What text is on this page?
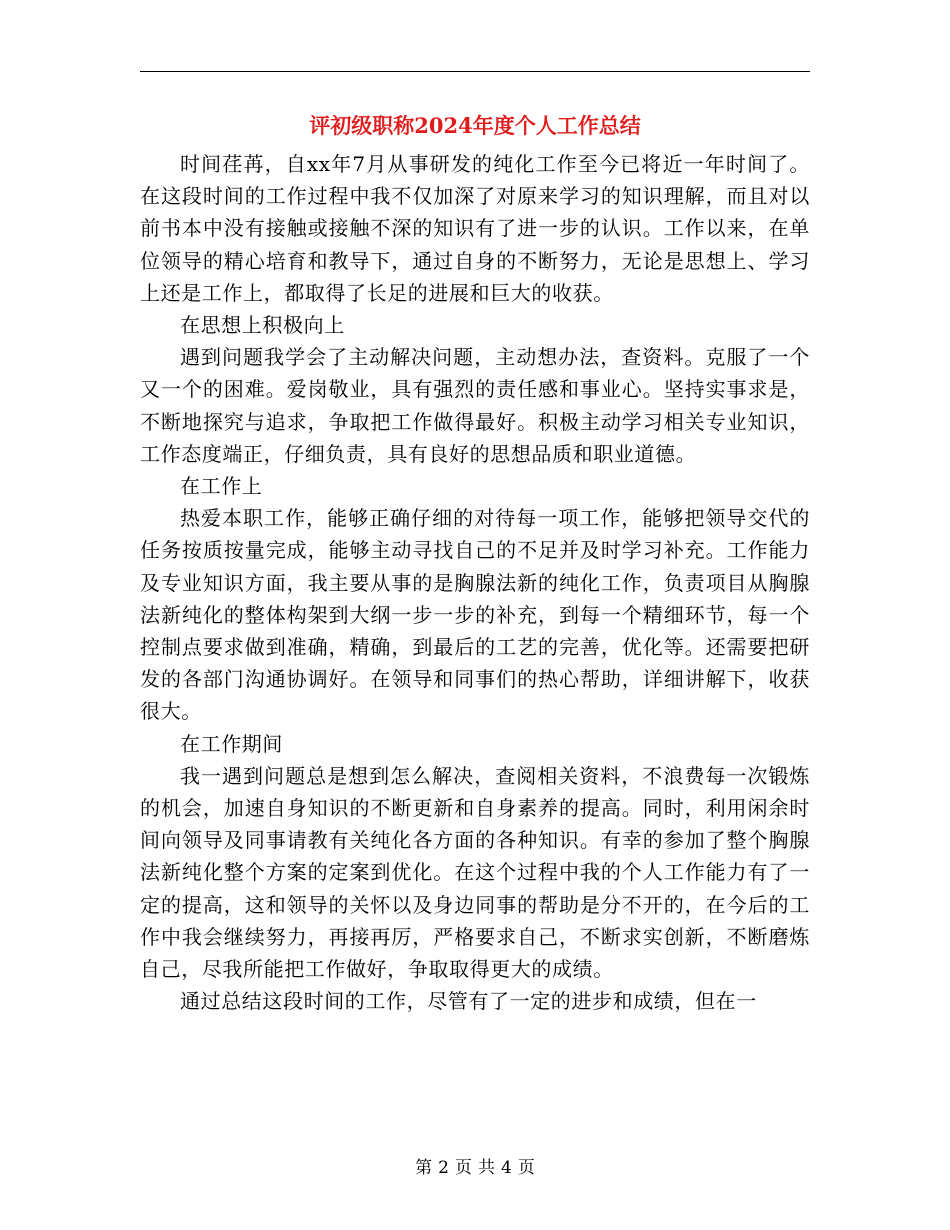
评初级职称2024年度个人工作总结

时间荏苒，自xx年7月从事研发的纯化工作至今已将近一年时间了。在这段时间的工作过程中我不仅加深了对原来学习的知识理解，而且对以前书本中没有接触或接触不深的知识有了进一步的认识。工作以来，在单位领导的精心培育和教导下，通过自身的不断努力，无论是思想上、学习上还是工作上，都取得了长足的进展和巨大的收获。

在思想上积极向上

遇到问题我学会了主动解决问题，主动想办法，查资料。克服了一个又一个的困难。爱岗敬业，具有强烈的责任感和事业心。坚持实事求是，不断地探究与追求，争取把工作做得最好。积极主动学习相关专业知识，工作态度端正，仔细负责，具有良好的思想品质和职业道德。

在工作上

热爱本职工作，能够正确仔细的对待每一项工作，能够把领导交代的任务按质按量完成，能够主动寻找自己的不足并及时学习补充。工作能力及专业知识方面，我主要从事的是胸腺法新的纯化工作，负责项目从胸腺法新纯化的整体构架到大纲一步一步的补充，到每一个精细环节，每一个控制点要求做到准确，精确，到最后的工艺的完善，优化等。还需要把研发的各部门沟通协调好。在领导和同事们的热心帮助，详细讲解下，收获很大。

在工作期间

我一遇到问题总是想到怎么解决，查阅相关资料，不浪费每一次锻炼的机会，加速自身知识的不断更新和自身素养的提高。同时，利用闲余时间向领导及同事请教有关纯化各方面的各种知识。有幸的参加了整个胸腺法新纯化整个方案的定案到优化。在这个过程中我的个人工作能力有了一定的提高，这和领导的关怀以及身边同事的帮助是分不开的，在今后的工作中我会继续努力，再接再厉，严格要求自己，不断求实创新，不断磨炼自己，尽我所能把工作做好，争取取得更大的成绩。

通过总结这段时间的工作，尽管有了一定的进步和成绩，但在一

第 2 页 共 4 页
